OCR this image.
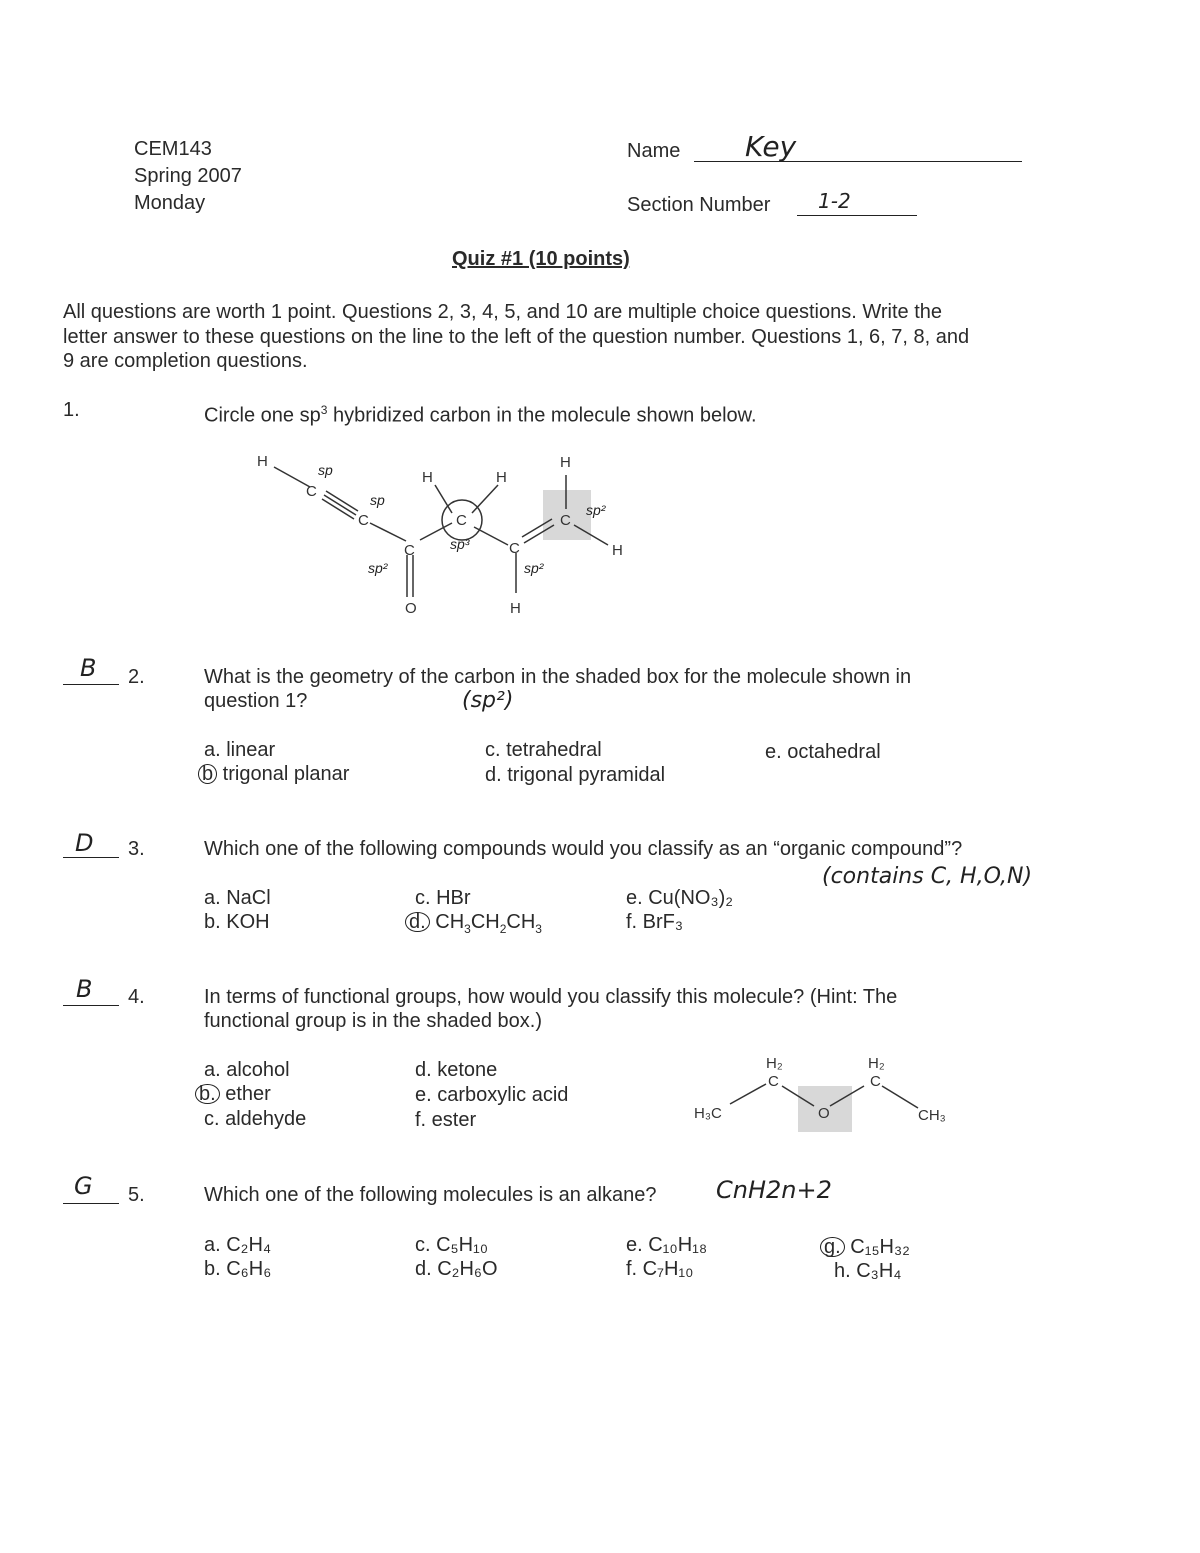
CEM143
Spring 2007
Monday
Name Key
Section Number 1-2
Quiz #1 (10 points)
All questions are worth 1 point. Questions 2, 3, 4, 5, and 10 are multiple choice questions. Write the
letter answer to these questions on the line to the left of the question number. Questions 1, 6, 7, 8, and
9 are completion questions.
1.	Circle one $sp^3$ hybridized carbon in the molecule shown below.
H
C
C
C
O
C
H	H
C
H
C
H
H
sp
sp
sp²
sp³
sp²
sp²
B 2.	What is the geometry of the carbon in the shaded box for the molecule shown in
question 1?	(sp²)
a. linear
b trigonal planar
c. tetrahedral
d. trigonal pyramidal
e. octahedral
D 3.	Which one of the following compounds would you classify as an “organic compound”?
(contains C, H,O,N)
a. NaCl
b. KOH
c. HBr
d. $CH_3CH_2CH_3$
e. Cu(NO₃)₂
f. BrF₃
B 4.	In terms of functional groups, how would you classify this molecule? (Hint: The
functional group is in the shaded box.)
a. alcohol
b. ether
c. aldehyde
d. ketone
e. carboxylic acid
f. ester	H₃C
H₂
C
O
H₂
C
CH₃
G 5.	Which one of the following molecules is an alkane? CnH2n+2
a. C₂H₄
b. C₆H₆
c. C₅H₁₀
d. C₂H₆O
e. C₁₀H₁₈
f. C₇H₁₀
g. C₁₅H₃₂
h. C₃H₄
